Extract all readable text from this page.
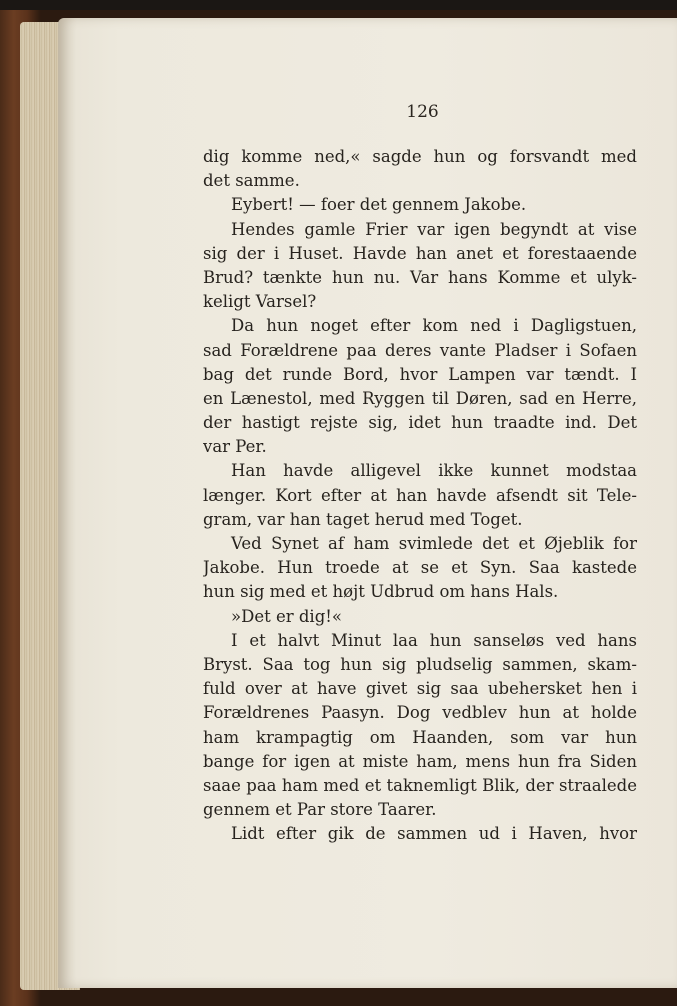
126

dig komme ned,« sagde hun og forsvandt med
det samme.
Eybert! — foer det gennem Jakobe.
Hendes gamle Frier var igen begyndt at vise
sig der i Huset. Havde han anet et forestaaende
Brud? tænkte hun nu. Var hans Komme et ulyk-
keligt Varsel?
Da hun noget efter kom ned i Dagligstuen,
sad Forældrene paa deres vante Pladser i Sofaen
bag det runde Bord, hvor Lampen var tændt. I
en Lænestol, med Ryggen til Døren, sad en Herre,
der hastigt rejste sig, idet hun traadte ind. Det
var Per.
Han havde alligevel ikke kunnet modstaa
længer. Kort efter at han havde afsendt sit Tele-
gram, var han taget herud med Toget.
Ved Synet af ham svimlede det et Øjeblik for
Jakobe. Hun troede at se et Syn. Saa kastede
hun sig med et højt Udbrud om hans Hals.
»Det er dig!«
I et halvt Minut laa hun sanseløs ved hans
Bryst. Saa tog hun sig pludselig sammen, skam-
fuld over at have givet sig saa ubehersket hen i
Forældrenes Paasyn. Dog vedblev hun at holde
ham krampagtig om Haanden, som var hun
bange for igen at miste ham, mens hun fra Siden
saae paa ham med et taknemligt Blik, der straalede
gennem et Par store Taarer.
Lidt efter gik de sammen ud i Haven, hvor
